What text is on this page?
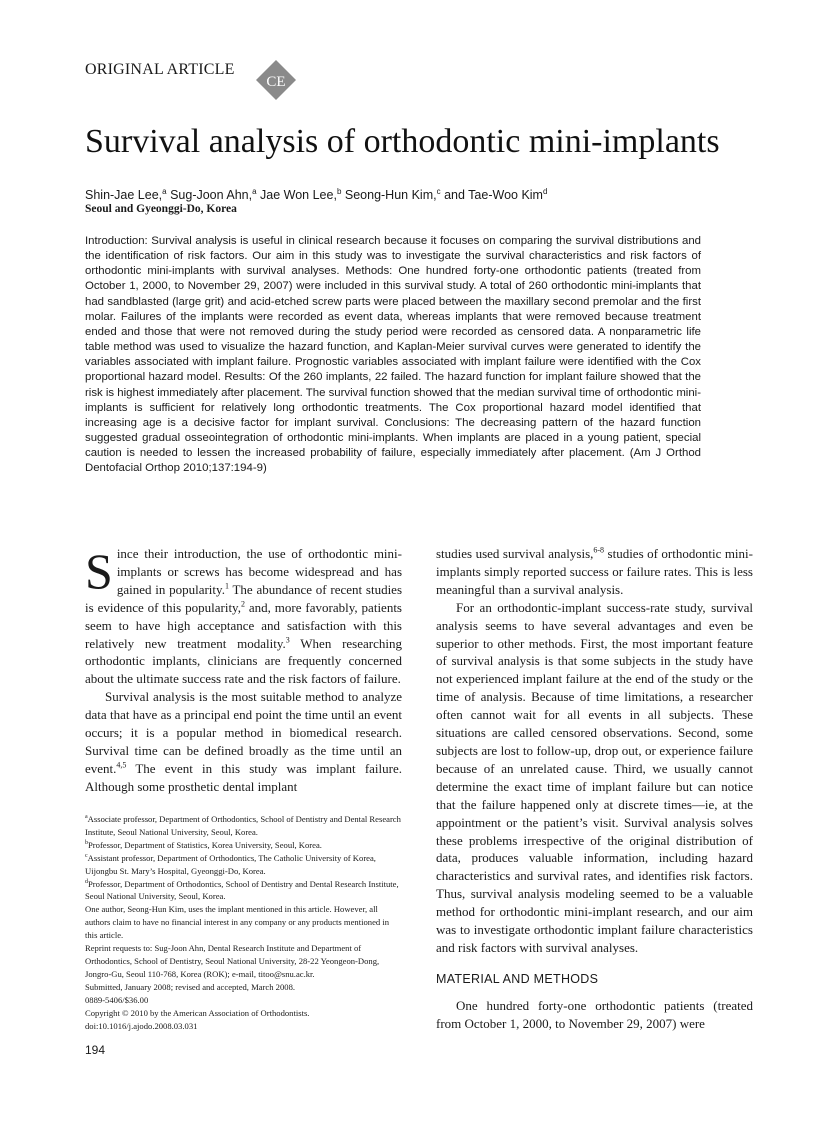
ORIGINAL ARTICLE
CE
Survival analysis of orthodontic mini-implants
Shin-Jae Lee,$^a$ Sug-Joon Ahn,$^a$ Jae Won Lee,$^b$ Seong-Hun Kim,$^c$ and Tae-Woo Kim$^d$
Seoul and Gyeonggi-Do, Korea

Introduction: Survival analysis is useful in clinical research because it focuses on comparing the survival distributions and the identification of risk factors. Our aim in this study was to investigate the survival characteristics and risk factors of orthodontic mini-implants with survival analyses. Methods: One hundred forty-one orthodontic patients (treated from October 1, 2000, to November 29, 2007) were included in this survival study. A total of 260 orthodontic mini-implants that had sandblasted (large grit) and acid-etched screw parts were placed between the maxillary second premolar and the first molar. Failures of the implants were recorded as event data, whereas implants that were removed because treatment ended and those that were not removed during the study period were recorded as censored data. A nonparametric life table method was used to visualize the hazard function, and Kaplan-Meier survival curves were generated to identify the variables associated with implant failure. Prognostic variables associated with implant failure were identified with the Cox proportional hazard model. Results: Of the 260 implants, 22 failed. The hazard function for implant failure showed that the risk is highest immediately after placement. The survival function showed that the median survival time of orthodontic mini-implants is sufficient for relatively long orthodontic treatments. The Cox proportional hazard model identified that increasing age is a decisive factor for implant survival. Conclusions: The decreasing pattern of the hazard function suggested gradual osseointegration of orthodontic mini-implants. When implants are placed in a young patient, special caution is needed to lessen the increased probability of failure, especially immediately after placement. (Am J Orthod Dentofacial Orthop 2010;137:194-9)

Since their introduction, the use of orthodontic mini-implants or screws has become widespread and has gained in popularity.$^1$ The abundance of recent studies is evidence of this popularity,$^2$ and, more favorably, patients seem to have high acceptance and satisfaction with this relatively new treatment modality.$^3$ When researching orthodontic implants, clinicians are frequently concerned about the ultimate success rate and the risk factors of failure.

Survival analysis is the most suitable method to analyze data that have as a principal end point the time until an event occurs; it is a popular method in biomedical research. Survival time can be defined broadly as the time until an event.$^{4,5}$ The event in this study was implant failure. Although some prosthetic dental implant

$^a$Associate professor, Department of Orthodontics, School of Dentistry and Dental Research Institute, Seoul National University, Seoul, Korea.

$^b$Professor, Department of Statistics, Korea University, Seoul, Korea.

$^c$Assistant professor, Department of Orthodontics, The Catholic University of Korea, Uijongbu St. Mary’s Hospital, Gyeonggi-Do, Korea.

$^d$Professor, Department of Orthodontics, School of Dentistry and Dental Research Institute, Seoul National University, Seoul, Korea.

One author, Seong-Hun Kim, uses the implant mentioned in this article. However, all authors claim to have no financial interest in any company or any products mentioned in this article.

Reprint requests to: Sug-Joon Ahn, Dental Research Institute and Department of Orthodontics, School of Dentistry, Seoul National University, 28-22 Yeongeon-Dong, Jongro-Gu, Seoul 110-768, Korea (ROK); e-mail, titoo@snu.ac.kr.

Submitted, January 2008; revised and accepted, March 2008.

0889-5406/$36.00

Copyright © 2010 by the American Association of Orthodontists.

doi:10.1016/j.ajodo.2008.03.031

studies used survival analysis,$^{6-8}$ studies of orthodontic mini-implants simply reported success or failure rates. This is less meaningful than a survival analysis.

For an orthodontic-implant success-rate study, survival analysis seems to have several advantages and even be superior to other methods. First, the most important feature of survival analysis is that some subjects in the study have not experienced implant failure at the end of the study or the time of analysis. Because of time limitations, a researcher often cannot wait for all events in all subjects. These situations are called censored observations. Second, some subjects are lost to follow-up, drop out, or experience failure because of an unrelated cause. Third, we usually cannot determine the exact time of implant failure but can notice that the failure happened only at discrete times—ie, at the appointment or the patient’s visit. Survival analysis solves these problems irrespective of the original distribution of data, produces valuable information, including hazard characteristics and survival rates, and identifies risk factors. Thus, survival analysis modeling seemed to be a valuable method for orthodontic mini-implant research, and our aim was to investigate orthodontic implant failure characteristics and risk factors with survival analyses.

MATERIAL AND METHODS

One hundred forty-one orthodontic patients (treated from October 1, 2000, to November 29, 2007) were

194
